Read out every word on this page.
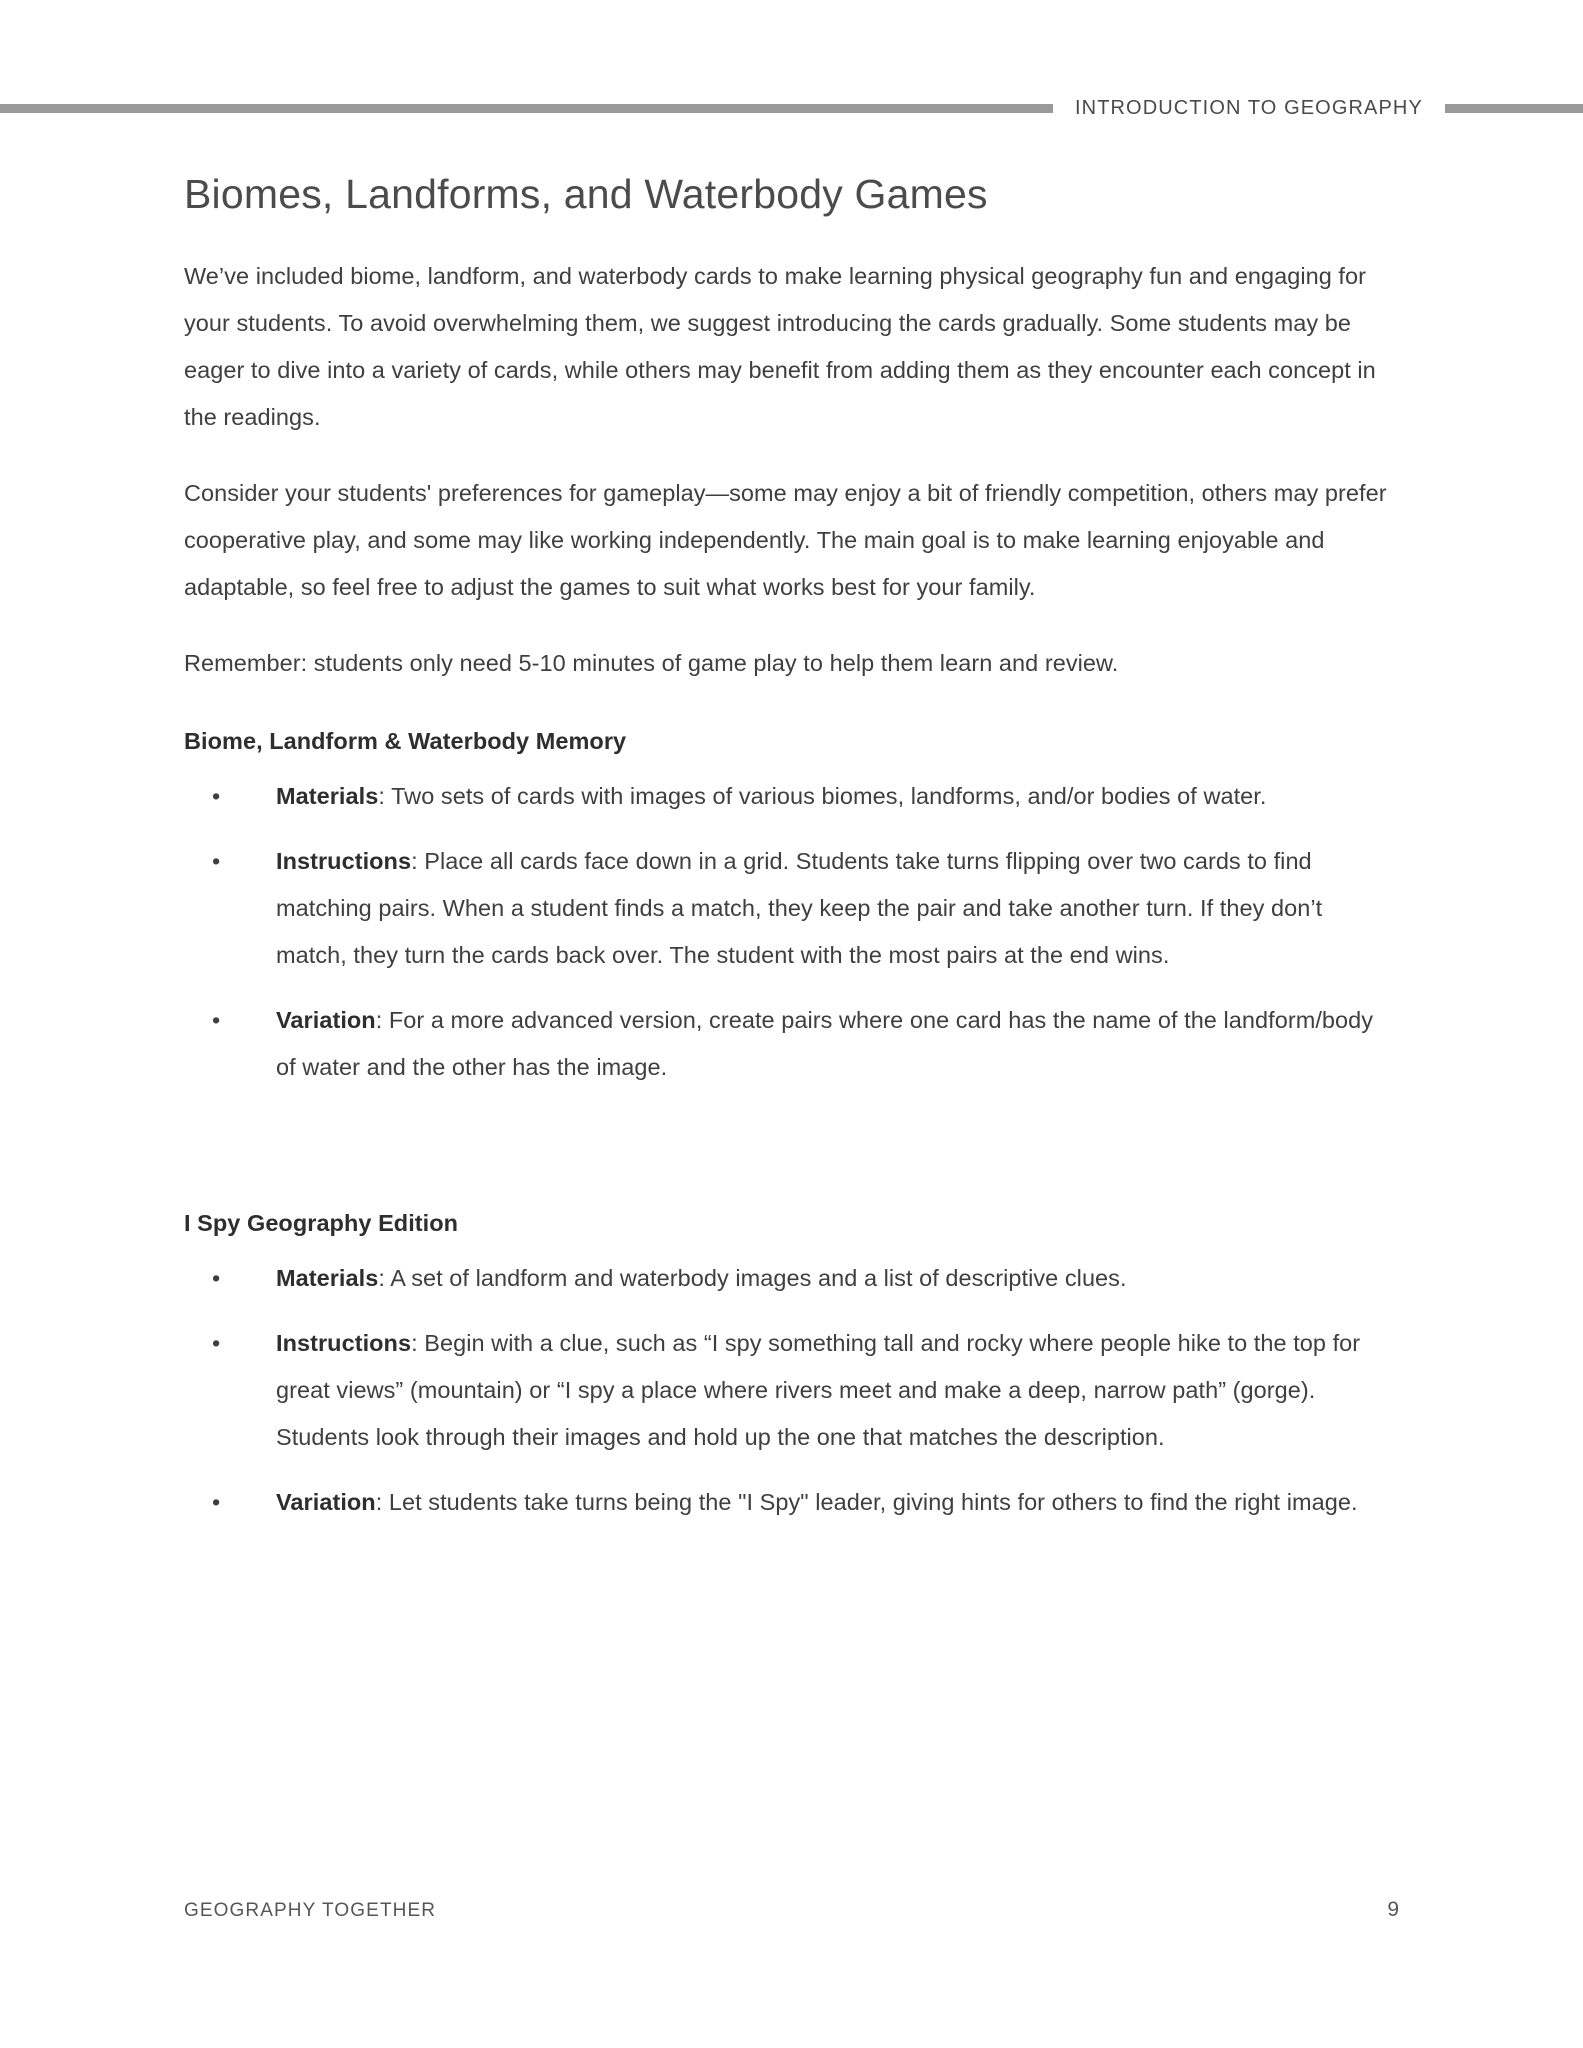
INTRODUCTION TO GEOGRAPHY
Biomes, Landforms, and Waterbody Games

We’ve included biome, landform, and waterbody cards to make learning physical geography fun and engaging for your students. To avoid overwhelming them, we suggest introducing the cards gradually. Some students may be eager to dive into a variety of cards, while others may benefit from adding them as they encounter each concept in the readings.

Consider your students' preferences for gameplay—some may enjoy a bit of friendly competition, others may prefer cooperative play, and some may like working independently. The main goal is to make learning enjoyable and adaptable, so feel free to adjust the games to suit what works best for your family.

Remember: students only need 5-10 minutes of game play to help them learn and review.

Biome, Landform & Waterbody Memory
• Materials: Two sets of cards with images of various biomes, landforms, and/or bodies of water.
• Instructions: Place all cards face down in a grid. Students take turns flipping over two cards to find matching pairs. When a student finds a match, they keep the pair and take another turn. If they don’t match, they turn the cards back over. The student with the most pairs at the end wins.
• Variation: For a more advanced version, create pairs where one card has the name of the landform/body of water and the other has the image.
I Spy Geography Edition
• Materials: A set of landform and waterbody images and a list of descriptive clues.
• Instructions: Begin with a clue, such as “I spy something tall and rocky where people hike to the top for great views” (mountain) or “I spy a place where rivers meet and make a deep, narrow path” (gorge). Students look through their images and hold up the one that matches the description.
• Variation: Let students take turns being the "I Spy" leader, giving hints for others to find the right image.
GEOGRAPHY TOGETHER	9
